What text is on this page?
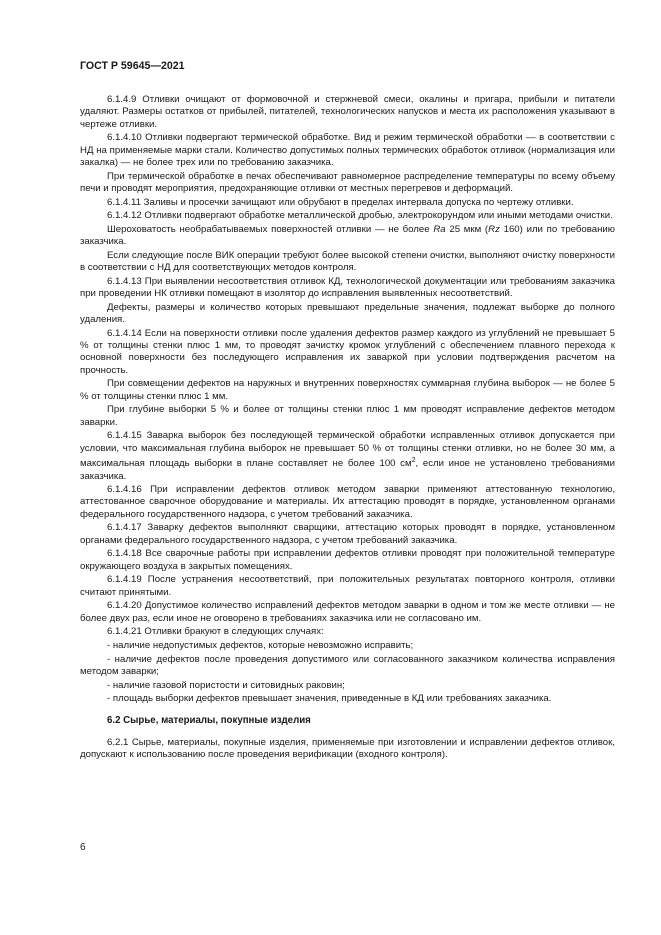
ГОСТ Р 59645—2021

6.1.4.9 Отливки очищают от формовочной и стержневой смеси, окалины и пригара, прибыли и питатели удаляют. Размеры остатков от прибылей, питателей, технологических напусков и места их расположения указывают в чертеже отливки.

6.1.4.10 Отливки подвергают термической обработке. Вид и режим термической обработки — в соответствии с НД на применяемые марки стали. Количество допустимых полных термических обработок отливок (нормализация или закалка) — не более трех или по требованию заказчика.

При термической обработке в печах обеспечивают равномерное распределение температуры по всему объему печи и проводят мероприятия, предохраняющие отливки от местных перегревов и деформаций.

6.1.4.11 Заливы и просечки зачищают или обрубают в пределах интервала допуска по чертежу отливки.

6.1.4.12 Отливки подвергают обработке металлической дробью, электрокорундом или иными методами очистки.

Шероховатость необрабатываемых поверхностей отливки — не более Ra 25 мкм (Rz 160) или по требованию заказчика.

Если следующие после ВИК операции требуют более высокой степени очистки, выполняют очистку поверхности в соответствии с НД для соответствующих методов контроля.

6.1.4.13 При выявлении несоответствия отливок КД, технологической документации или требованиям заказчика при проведении НК отливки помещают в изолятор до исправления выявленных несоответствий.

Дефекты, размеры и количество которых превышают предельные значения, подлежат выборке до полного удаления.

6.1.4.14 Если на поверхности отливки после удаления дефектов размер каждого из углублений не превышает 5 % от толщины стенки плюс 1 мм, то проводят зачистку кромок углублений с обеспечением плавного перехода к основной поверхности без последующего исправления их заваркой при условии подтверждения расчетом на прочность.

При совмещении дефектов на наружных и внутренних поверхностях суммарная глубина выборок — не более 5 % от толщины стенки плюс 1 мм.

При глубине выборки 5 % и более от толщины стенки плюс 1 мм проводят исправление дефектов методом заварки.

6.1.4.15 Заварка выборок без последующей термической обработки исправленных отливок допускается при условии, что максимальная глубина выборок не превышает 50 % от толщины стенки отливки, но не более 30 мм, а максимальная площадь выборки в плане составляет не более 100 $см^2$, если иное не установлено требованиями заказчика.

6.1.4.16 При исправлении дефектов отливок методом заварки применяют аттестованную технологию, аттестованное сварочное оборудование и материалы. Их аттестацию проводят в порядке, установленном органами федерального государственного надзора, с учетом требований заказчика.

6.1.4.17 Заварку дефектов выполняют сварщики, аттестацию которых проводят в порядке, установленном органами федерального государственного надзора, с учетом требований заказчика.

6.1.4.18 Все сварочные работы при исправлении дефектов отливки проводят при положительной температуре окружающего воздуха в закрытых помещениях.

6.1.4.19 После устранения несоответствий, при положительных результатах повторного контроля, отливки считают принятыми.

6.1.4.20 Допустимое количество исправлений дефектов методом заварки в одном и том же месте отливки — не более двух раз, если иное не оговорено в требованиях заказчика или не согласовано им.

6.1.4.21 Отливки бракуют в следующих случаях:

- наличие недопустимых дефектов, которые невозможно исправить;

- наличие дефектов после проведения допустимого или согласованного заказчиком количества исправления методом заварки;

- наличие газовой пористости и ситовидных раковин;

- площадь выборки дефектов превышает значения, приведенные в КД или требованиях заказчика.

6.2 Сырье, материалы, покупные изделия

6.2.1 Сырье, материалы, покупные изделия, применяемые при изготовлении и исправлении дефектов отливок, допускают к использованию после проведения верификации (входного контроля).

6
